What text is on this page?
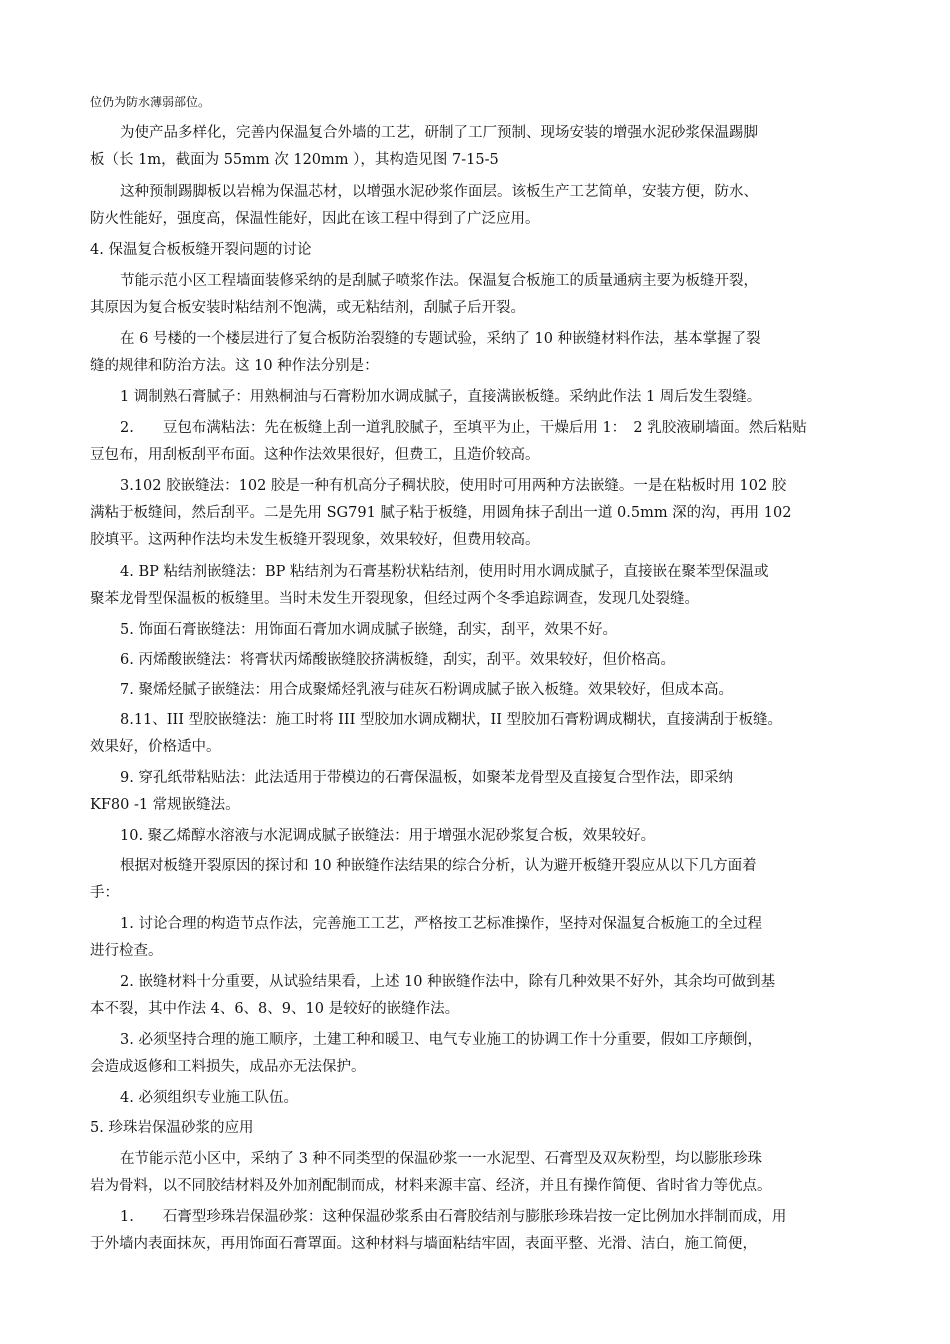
位仍为防水薄弱部位。
为使产品多样化，完善内保温复合外墙的工艺，研制了工厂预制、现场安装的增强水泥砂浆保温踢脚
板（长 1m，截面为 55mm 次 120mm ），其构造见图 7-15-5
这种预制踢脚板以岩棉为保温芯材，以增强水泥砂浆作面层。该板生产工艺简单，安装方便，防水、
防火性能好，强度高，保温性能好，因此在该工程中得到了广泛应用。
4. 保温复合板板缝开裂问题的讨论
节能示范小区工程墙面装修采纳的是刮腻子喷浆作法。保温复合板施工的质量通病主要为板缝开裂，
其原因为复合板安装时粘结剂不饱满，或无粘结剂，刮腻子后开裂。
在 6 号楼的一个楼层进行了复合板防治裂缝的专题试验，采纳了 10 种嵌缝材料作法，基本掌握了裂
缝的规律和防治方法。这 10 种作法分别是：
1 调制熟石膏腻子：用熟桐油与石膏粉加水调成腻子，直接满嵌板缝。采纳此作法 1 周后发生裂缝。
2.　　豆包布满粘法：先在板缝上刮一道乳胶腻子，至填平为止，干燥后用 1：　2 乳胶液刷墙面。然后粘贴
豆包布，用刮板刮平布面。这种作法效果很好，但费工，且造价较高。
3.102 胶嵌缝法：102 胶是一种有机高分子稠状胶，使用时可用两种方法嵌缝。一是在粘板时用 102 胶
满粘于板缝间，然后刮平。二是先用 SG791 腻子粘于板缝，用圆角抹子刮出一道 0.5mm 深的沟，再用 102
胶填平。这两种作法均未发生板缝开裂现象，效果较好，但费用较高。
4. BP 粘结剂嵌缝法：BP 粘结剂为石膏基粉状粘结剂，使用时用水调成腻子，直接嵌在聚苯型保温或
聚苯龙骨型保温板的板缝里。当时未发生开裂现象，但经过两个冬季追踪调查，发现几处裂缝。
5. 饰面石膏嵌缝法：用饰面石膏加水调成腻子嵌缝，刮实，刮平，效果不好。
6. 丙烯酸嵌缝法：将膏状丙烯酸嵌缝胶挤满板缝，刮实，刮平。效果较好，但价格高。
7. 聚烯烃腻子嵌缝法：用合成聚烯烃乳液与硅灰石粉调成腻子嵌入板缝。效果较好，但成本高。
8.11、III 型胶嵌缝法：施工时将 III 型胶加水调成糊状，II 型胶加石膏粉调成糊状，直接满刮于板缝。
效果好，价格适中。
9. 穿孔纸带粘贴法：此法适用于带模边的石膏保温板，如聚苯龙骨型及直接复合型作法，即采纳
KF80 -1 常规嵌缝法。
10. 聚乙烯醇水溶液与水泥调成腻子嵌缝法：用于增强水泥砂浆复合板，效果较好。
根据对板缝开裂原因的探讨和 10 种嵌缝作法结果的综合分析，认为避开板缝开裂应从以下几方面着
手：
1. 讨论合理的构造节点作法，完善施工工艺，严格按工艺标准操作，坚持对保温复合板施工的全过程
进行检查。
2. 嵌缝材料十分重要，从试验结果看，上述 10 种嵌缝作法中，除有几种效果不好外，其余均可做到基
本不裂，其中作法 4、6、8、9、10 是较好的嵌缝作法。
3. 必须坚持合理的施工顺序，土建工种和暖卫、电气专业施工的协调工作十分重要，假如工序颠倒，
会造成返修和工料损失，成品亦无法保护。
4. 必须组织专业施工队伍。
5. 珍珠岩保温砂浆的应用
在节能示范小区中，采纳了 3 种不同类型的保温砂浆一一水泥型、石膏型及双灰粉型，均以膨胀珍珠
岩为骨料，以不同胶结材料及外加剂配制而成，材料来源丰富、经济，并且有操作简便、省时省力等优点。
1.　　石膏型珍珠岩保温砂浆：这种保温砂浆系由石膏胶结剂与膨胀珍珠岩按一定比例加水拌制而成，用
于外墙内表面抹灰，再用饰面石膏罩面。这种材料与墙面粘结牢固，表面平整、光滑、洁白，施工简便，
